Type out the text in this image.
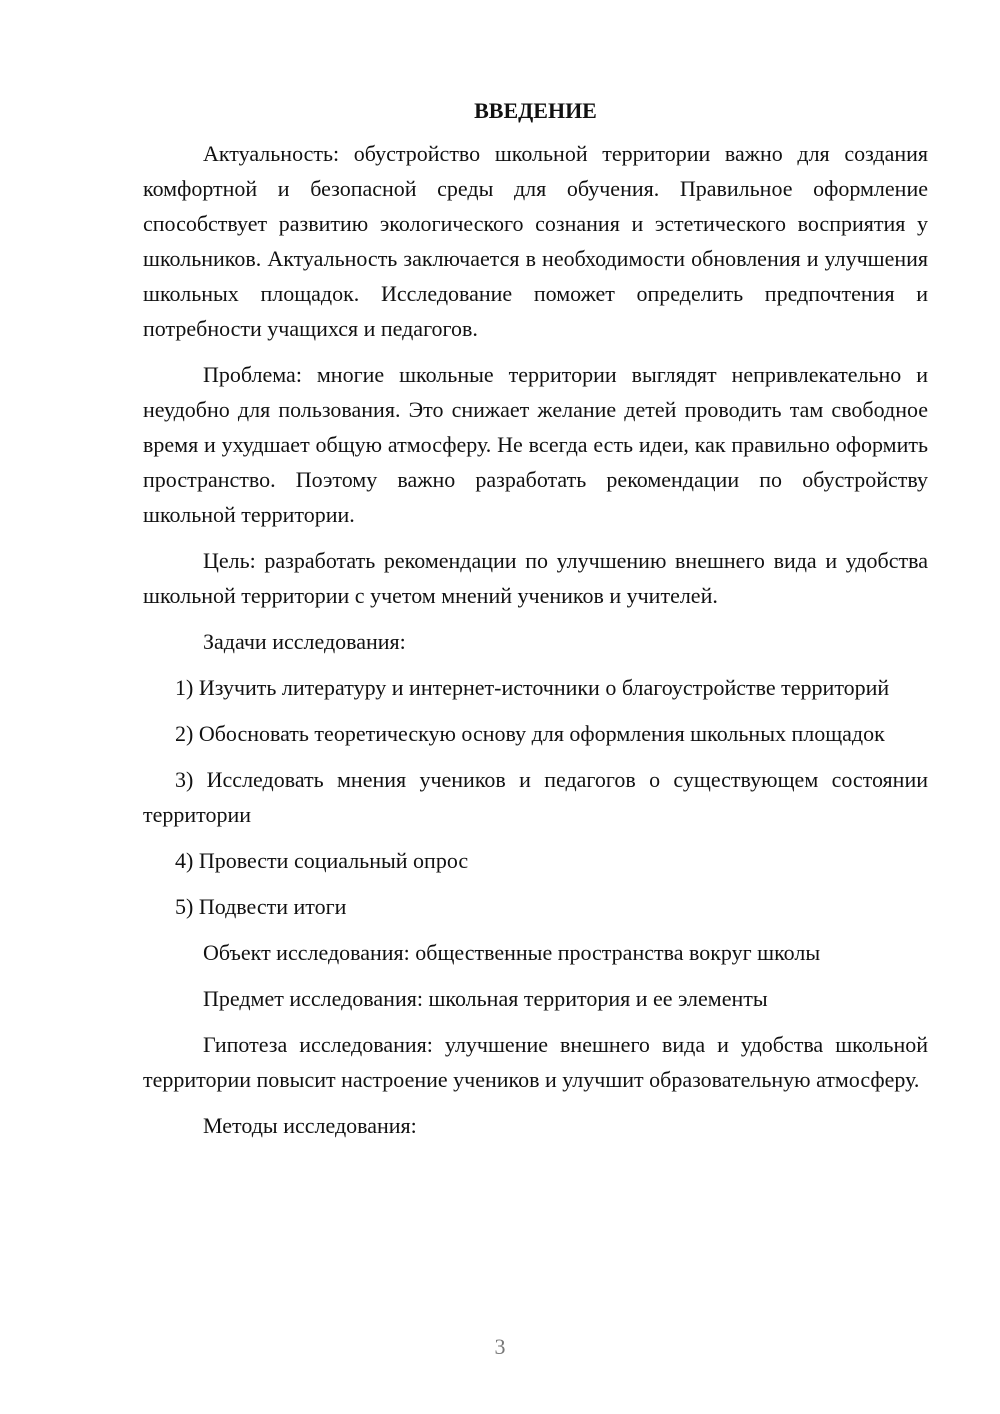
ВВЕДЕНИЕ

Актуальность: обустройство школьной территории важно для создания комфортной и безопасной среды для обучения. Правильное оформление способствует развитию экологического сознания и эстетического восприятия у школьников. Актуальность заключается в необходимости обновления и улучшения школьных площадок. Исследование поможет определить предпочтения и потребности учащихся и педагогов.

Проблема: многие школьные территории выглядят непривлекательно и неудобно для пользования. Это снижает желание детей проводить там свободное время и ухудшает общую атмосферу. Не всегда есть идеи, как правильно оформить пространство. Поэтому важно разработать рекомендации по обустройству школьной территории.

Цель: разработать рекомендации по улучшению внешнего вида и удобства школьной территории с учетом мнений учеников и учителей.

Задачи исследования:

1) Изучить литературу и интернет-источники о благоустройстве территорий

2) Обосновать теоретическую основу для оформления школьных площадок

3) Исследовать мнения учеников и педагогов о существующем состоянии территории

4) Провести социальный опрос

5) Подвести итоги

Объект исследования: общественные пространства вокруг школы

Предмет исследования: школьная территория и ее элементы

Гипотеза исследования: улучшение внешнего вида и удобства школьной территории повысит настроение учеников и улучшит образовательную атмосферу.

Методы исследования:

3
